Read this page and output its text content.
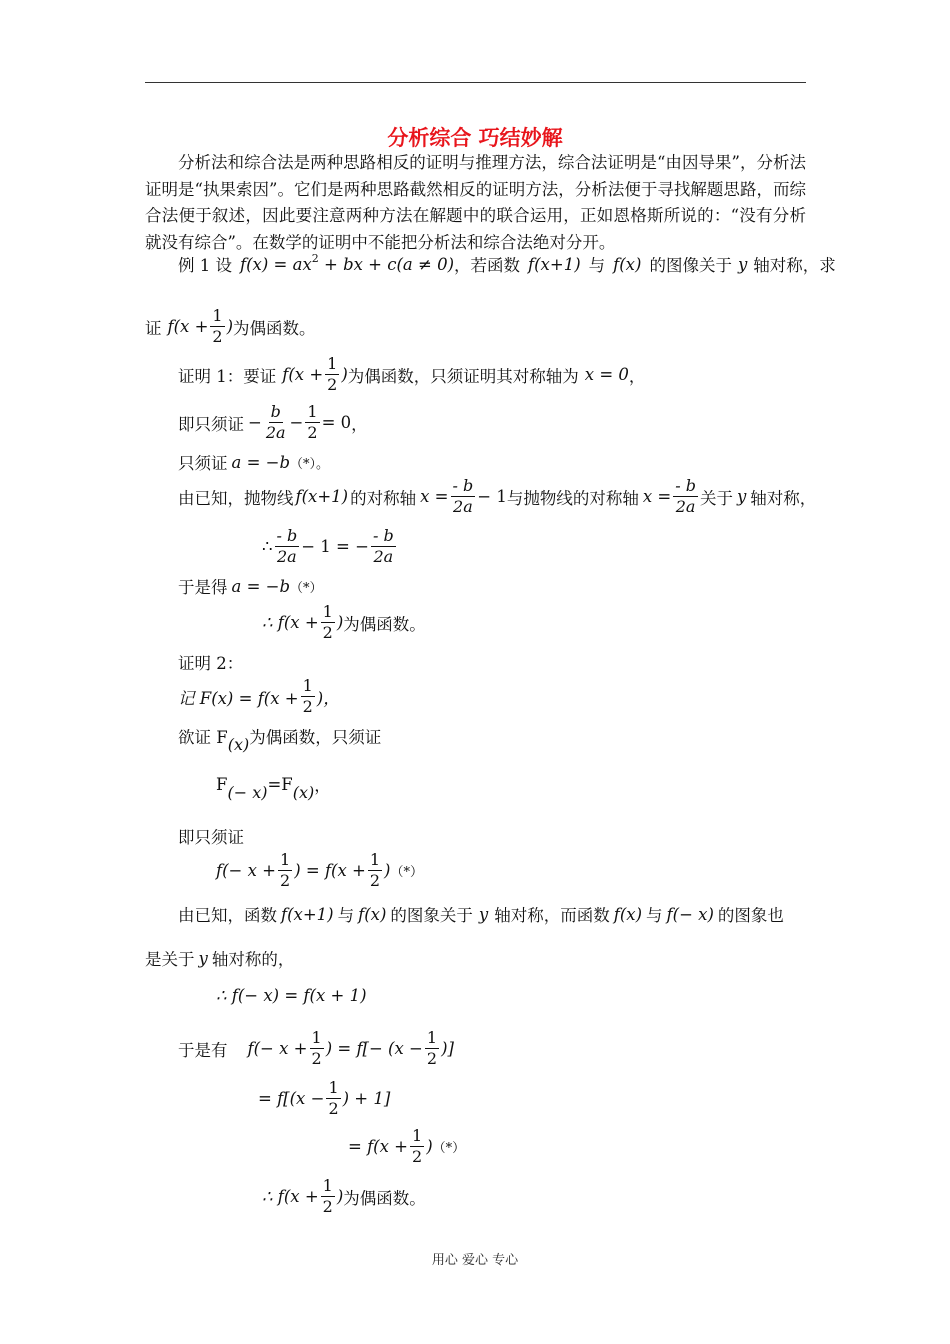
分析综合 巧结妙解
分析法和综合法是两种思路相反的证明与推理方法，综合法证明是“由因导果”，分析法证明是“执果索因”。它们是两种思路截然相反的证明方法，分析法便于寻找解题思路，而综合法便于叙述，因此要注意两种方法在解题中的联合运用，正如恩格斯所说的：“没有分析就没有综合”。在数学的证明中不能把分析法和综合法绝对分开。
例 1 设 $f(x) = ax^2$ + bx + c(a ≠ 0) ，若函数 f(x+1) 与 f(x) 的图像关于 y 轴对称，求
证 $f(x + \frac{1}{2}$ ) 为偶函数。
证明 1：要证 $f(x + \frac{1}{2}$ ) 为偶函数，只须证明其对称轴为 x = 0 ，
即只须证 − $\frac{b}{2a} - \frac{1}{2} = 0$ ，
只须证 a = −b （*）。
由已知，抛物线 f(x+1) 的对称轴 $x = \frac{- b}{2a} - 1$ 与抛物线的对称轴 $x = \frac{- b}{2a}$ 关于 y 轴对称，
∴ $\frac{- b}{2a} - 1$ = − $\frac{- b}{2a}$
于是得 a = −b （*）
∴ $f(x + \frac{1}{2}$ ) 为偶函数。
证明 2：
记 $F(x) = f(x + \frac{1}{2}$ )，
欲证 F (x) 为偶函数，只须证
F (− x) =F (x) ，
即只须证
$f(- x + \frac{1}{2}$ ) = $f(x + \frac{1}{2}$ ) （*）
由已知，函数 f(x+1) 与 f(x) 的图象关于 y 轴对称，而函数 f(x) 与 f(− x) 的图象也
是关于 y 轴对称的，
∴ f(− x) = f(x + 1)
于是有 $f(- x + \frac{1}{2}$ ) = $f[- (x - \frac{1}{2}$ )]
= $f[(x - \frac{1}{2}$ ) + 1]
= $f(x + \frac{1}{2}$ ) （*）
∴ $f(x + \frac{1}{2}$ ) 为偶函数。
用心 爱心 专心
